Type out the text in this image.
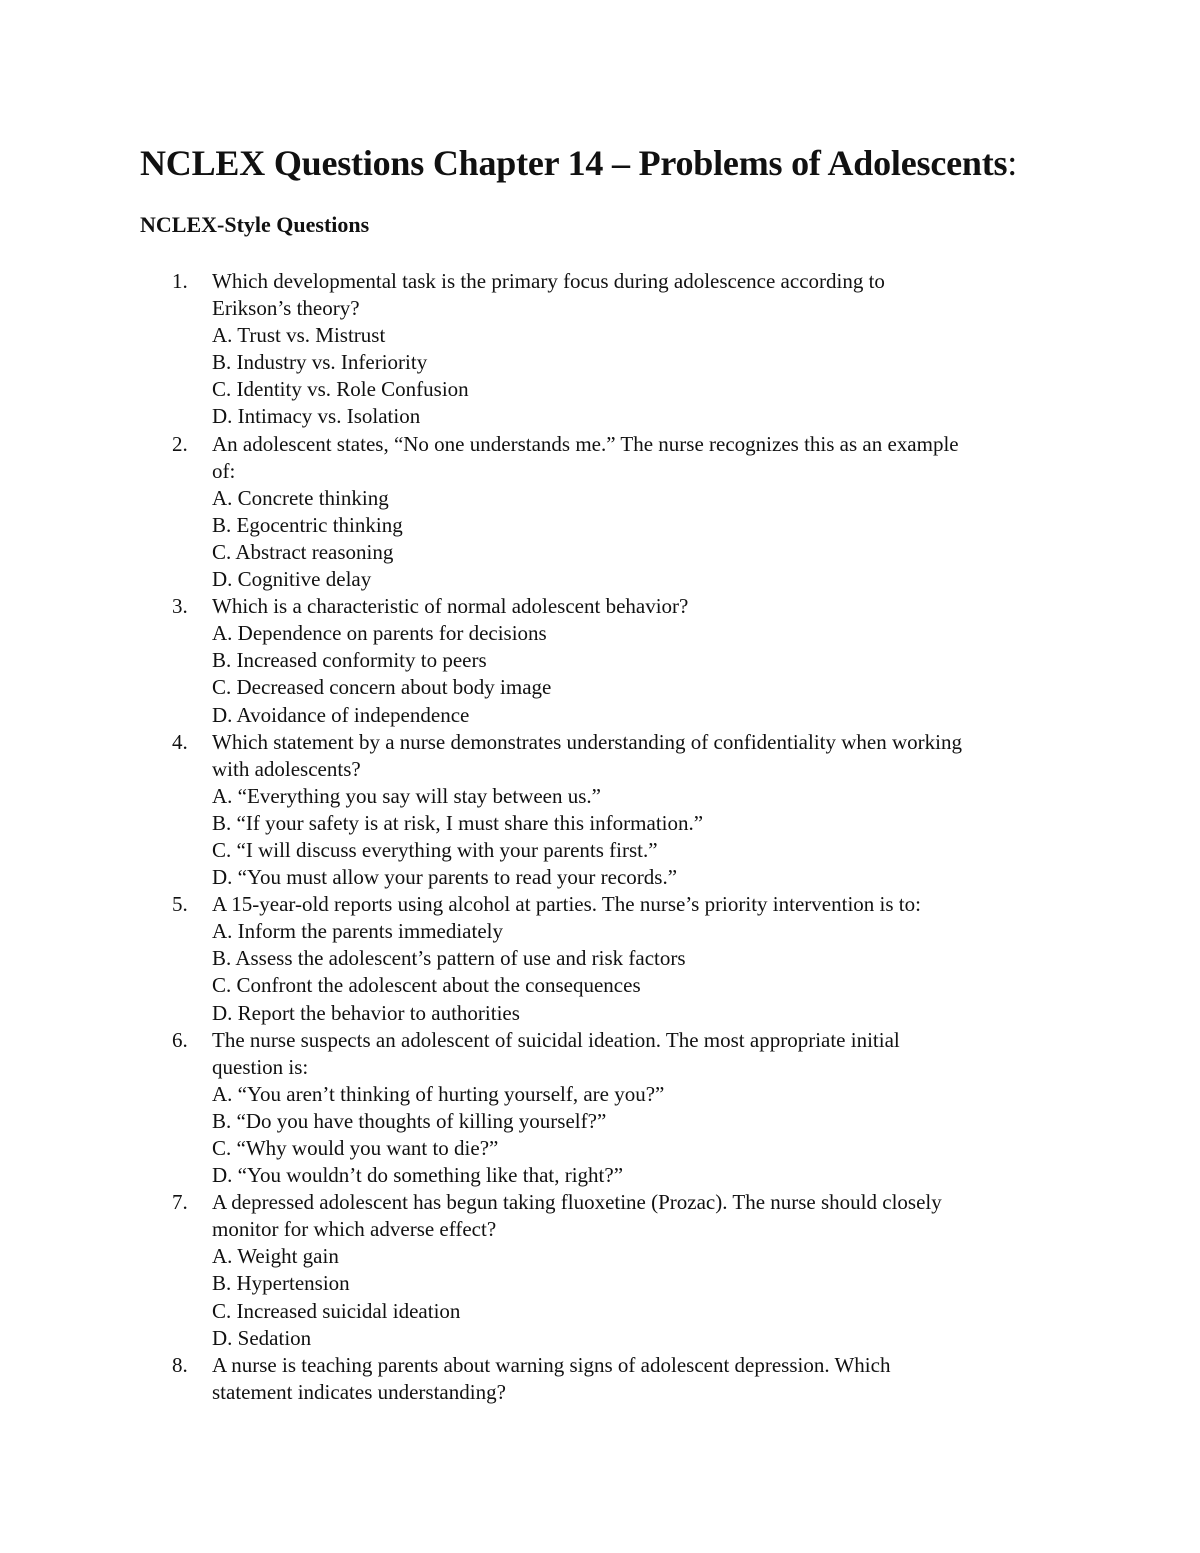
NCLEX Questions Chapter 14 – Problems of Adolescents:
NCLEX-Style Questions
1. Which developmental task is the primary focus during adolescence according to
Erikson’s theory?
A. Trust vs. Mistrust
B. Industry vs. Inferiority
C. Identity vs. Role Confusion
D. Intimacy vs. Isolation
2. An adolescent states, “No one understands me.” The nurse recognizes this as an example
of:
A. Concrete thinking
B. Egocentric thinking
C. Abstract reasoning
D. Cognitive delay
3. Which is a characteristic of normal adolescent behavior?
A. Dependence on parents for decisions
B. Increased conformity to peers
C. Decreased concern about body image
D. Avoidance of independence
4. Which statement by a nurse demonstrates understanding of confidentiality when working
with adolescents?
A. “Everything you say will stay between us.”
B. “If your safety is at risk, I must share this information.”
C. “I will discuss everything with your parents first.”
D. “You must allow your parents to read your records.”
5. A 15-year-old reports using alcohol at parties. The nurse’s priority intervention is to:
A. Inform the parents immediately
B. Assess the adolescent’s pattern of use and risk factors
C. Confront the adolescent about the consequences
D. Report the behavior to authorities
6. The nurse suspects an adolescent of suicidal ideation. The most appropriate initial
question is:
A. “You aren’t thinking of hurting yourself, are you?”
B. “Do you have thoughts of killing yourself?”
C. “Why would you want to die?”
D. “You wouldn’t do something like that, right?”
7. A depressed adolescent has begun taking fluoxetine (Prozac). The nurse should closely
monitor for which adverse effect?
A. Weight gain
B. Hypertension
C. Increased suicidal ideation
D. Sedation
8. A nurse is teaching parents about warning signs of adolescent depression. Which
statement indicates understanding?
